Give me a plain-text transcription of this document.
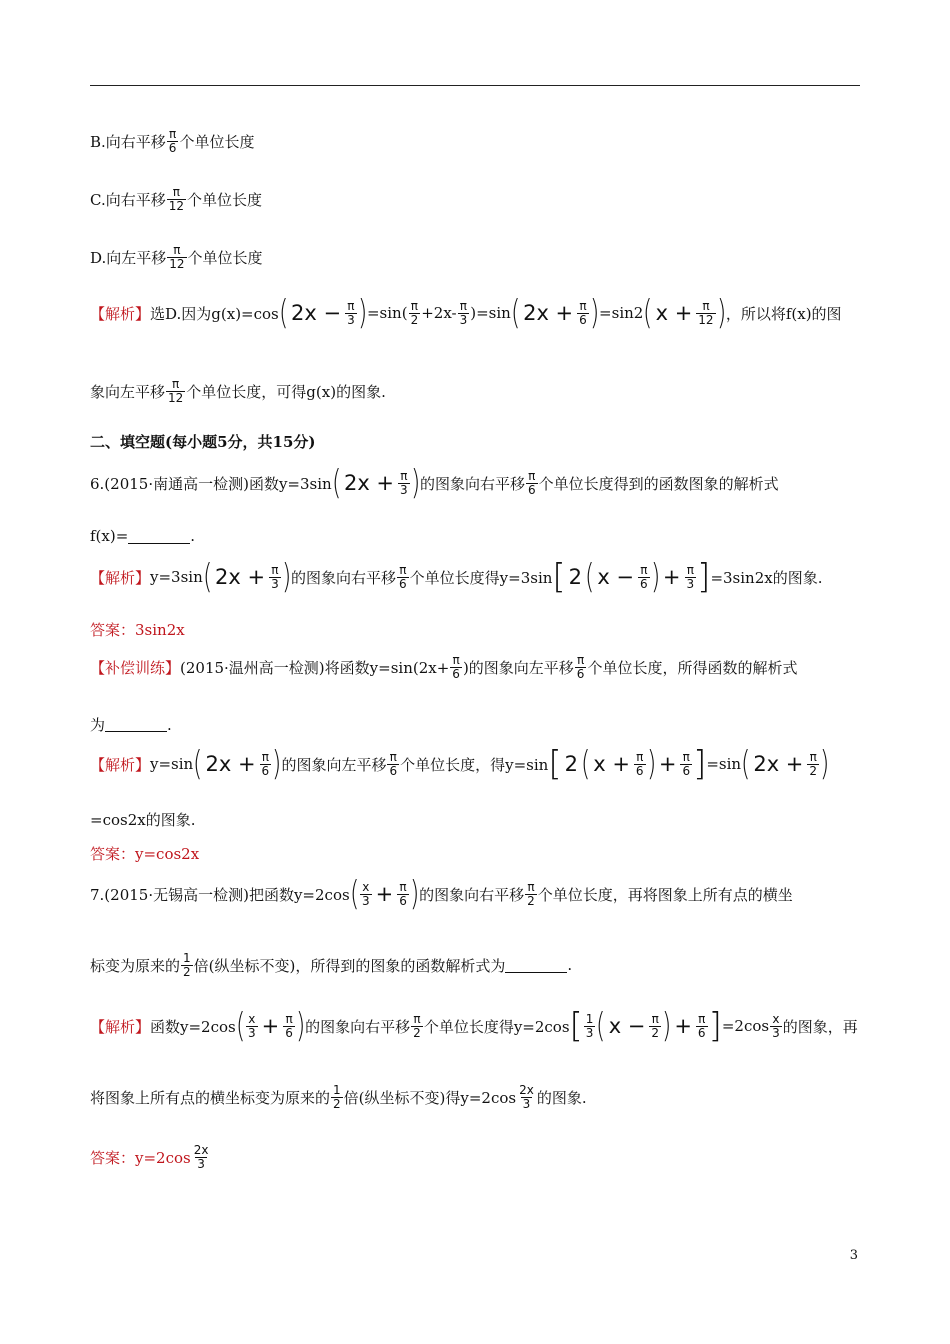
B.向右平移 $\frac{\pi}{6}$ 个单位长度
C.向右平移 $\frac{\pi}{12}$ 个单位长度
D.向左平移 $\frac{\pi}{12}$ 个单位长度
【解析】 选D.因为g(x)=cos ( $2x - \frac{\pi}{3}$ ) $=\sin( \frac{\pi}{2} +2x- \frac{\pi}{3} )=\sin$ ( $2x + \frac{\pi}{6}$ ) =sin2 ( $x + \frac{\pi}{12}$ ) ，所以将f(x)的图
象向左平移 $\frac{\pi}{12}$ 个单位长度，可得g(x)的图象.
二、填空题(每小题5分，共15分)
6.(2015·南通高一检测)函数y=3sin ( $2x + \frac{\pi}{3}$ ) 的图象向右平移 $\frac{\pi}{6}$ 个单位长度得到的函数图象的解析式
f(x)=	.
【解析】 y=3sin ( $2x + \frac{\pi}{3}$ ) 的图象向右平移 $\frac{\pi}{6}$ 个单位长度得y=3sin [ 2 ( $x - \frac{\pi}{6}$ ) + $\frac{\pi}{3}$ ] =3sin2x的图象.
答案：3sin2x
【补偿训练】 (2015·温州高一检测)将函数$y=\sin(2x+ \frac{\pi}{6}$ )的图象向左平移 $\frac{\pi}{6}$ 个单位长度，所得函数的解析式
为	.
【解析】 y=sin ( $2x + \frac{\pi}{6}$ ) 的图象向左平移 $\frac{\pi}{6}$ 个单位长度，得y=sin [ 2 ( $x + \frac{\pi}{6}$ ) + $\frac{\pi}{6}$ ] =sin ( $2x + \frac{\pi}{2}$ )
=cos2x的图象.
答案：y=cos2x
7.(2015·无锡高一检测)把函数y=2cos ( $\frac{x}{3} + \frac{\pi}{6}$ ) 的图象向右平移 $\frac{\pi}{2}$ 个单位长度，再将图象上所有点的横坐
标变为原来的 $\frac{1}{2}$ 倍(纵坐标不变)，所得到的图象的函数解析式为	.
【解析】 函数y=2cos ( $\frac{x}{3} + \frac{\pi}{6}$ ) 的图象向右平移 $\frac{\pi}{2}$ 个单位长度得y=2cos [ $\frac{1}{3}$ ( $x - \frac{\pi}{2}$ ) + $\frac{\pi}{6}$ ] $=2\cos \frac{x}{3}$ 的图象，再
将图象上所有点的横坐标变为原来的 $\frac{1}{2}$ 倍(纵坐标不变)得$y=2\cos \frac{2x}{3}$ 的图象.
答案：$y=2\cos \frac{2x}{3}$
3
